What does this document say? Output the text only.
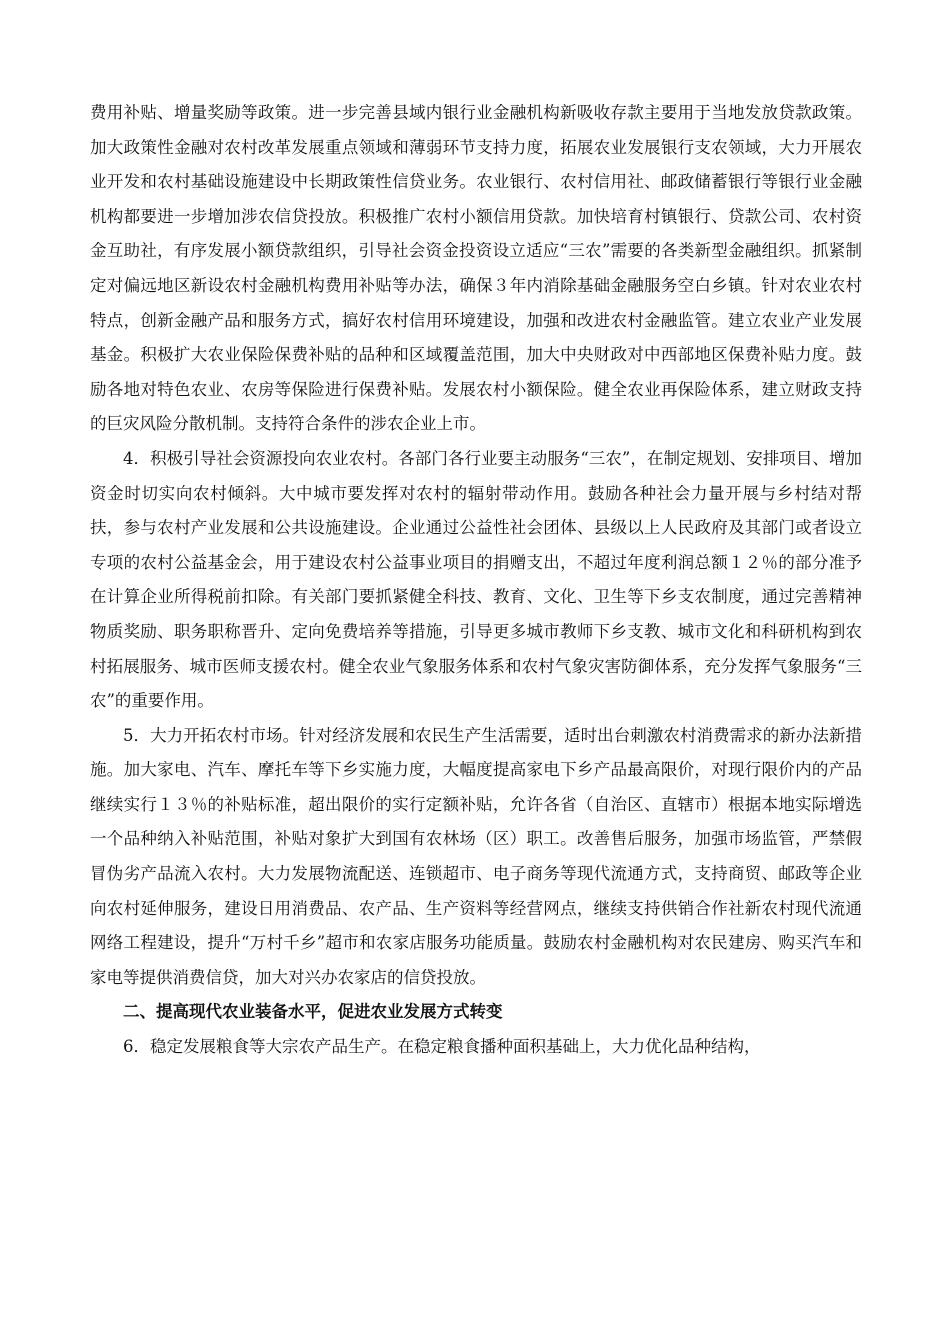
费用补贴、增量奖励等政策。进一步完善县域内银行业金融机构新吸收存款主要用于当地发放贷款政策。加大政策性金融对农村改革发展重点领域和薄弱环节支持力度，拓展农业发展银行支农领域，大力开展农业开发和农村基础设施建设中长期政策性信贷业务。农业银行、农村信用社、邮政储蓄银行等银行业金融机构都要进一步增加涉农信贷投放。积极推广农村小额信用贷款。加快培育村镇银行、贷款公司、农村资金互助社，有序发展小额贷款组织，引导社会资金投资设立适应“三农”需要的各类新型金融组织。抓紧制定对偏远地区新设农村金融机构费用补贴等办法，确保３年内消除基础金融服务空白乡镇。针对农业农村特点，创新金融产品和服务方式，搞好农村信用环境建设，加强和改进农村金融监管。建立农业产业发展基金。积极扩大农业保险保费补贴的品种和区域覆盖范围，加大中央财政对中西部地区保费补贴力度。鼓励各地对特色农业、农房等保险进行保费补贴。发展农村小额保险。健全农业再保险体系，建立财政支持的巨灾风险分散机制。支持符合条件的涉农企业上市。

4．积极引导社会资源投向农业农村。各部门各行业要主动服务“三农”，在制定规划、安排项目、增加资金时切实向农村倾斜。大中城市要发挥对农村的辐射带动作用。鼓励各种社会力量开展与乡村结对帮扶，参与农村产业发展和公共设施建设。企业通过公益性社会团体、县级以上人民政府及其部门或者设立专项的农村公益基金会，用于建设农村公益事业项目的捐赠支出，不超过年度利润总额１２％的部分准予在计算企业所得税前扣除。有关部门要抓紧健全科技、教育、文化、卫生等下乡支农制度，通过完善精神物质奖励、职务职称晋升、定向免费培养等措施，引导更多城市教师下乡支教、城市文化和科研机构到农村拓展服务、城市医师支援农村。健全农业气象服务体系和农村气象灾害防御体系，充分发挥气象服务“三农”的重要作用。

5．大力开拓农村市场。针对经济发展和农民生产生活需要，适时出台刺激农村消费需求的新办法新措施。加大家电、汽车、摩托车等下乡实施力度，大幅度提高家电下乡产品最高限价，对现行限价内的产品继续实行１３％的补贴标准，超出限价的实行定额补贴，允许各省（自治区、直辖市）根据本地实际增选一个品种纳入补贴范围，补贴对象扩大到国有农林场（区）职工。改善售后服务，加强市场监管，严禁假冒伪劣产品流入农村。大力发展物流配送、连锁超市、电子商务等现代流通方式，支持商贸、邮政等企业向农村延伸服务，建设日用消费品、农产品、生产资料等经营网点，继续支持供销合作社新农村现代流通网络工程建设，提升“万村千乡”超市和农家店服务功能质量。鼓励农村金融机构对农民建房、购买汽车和家电等提供消费信贷，加大对兴办农家店的信贷投放。

二、提高现代农业装备水平，促进农业发展方式转变

6．稳定发展粮食等大宗农产品生产。在稳定粮食播种面积基础上，大力优化品种结构，
